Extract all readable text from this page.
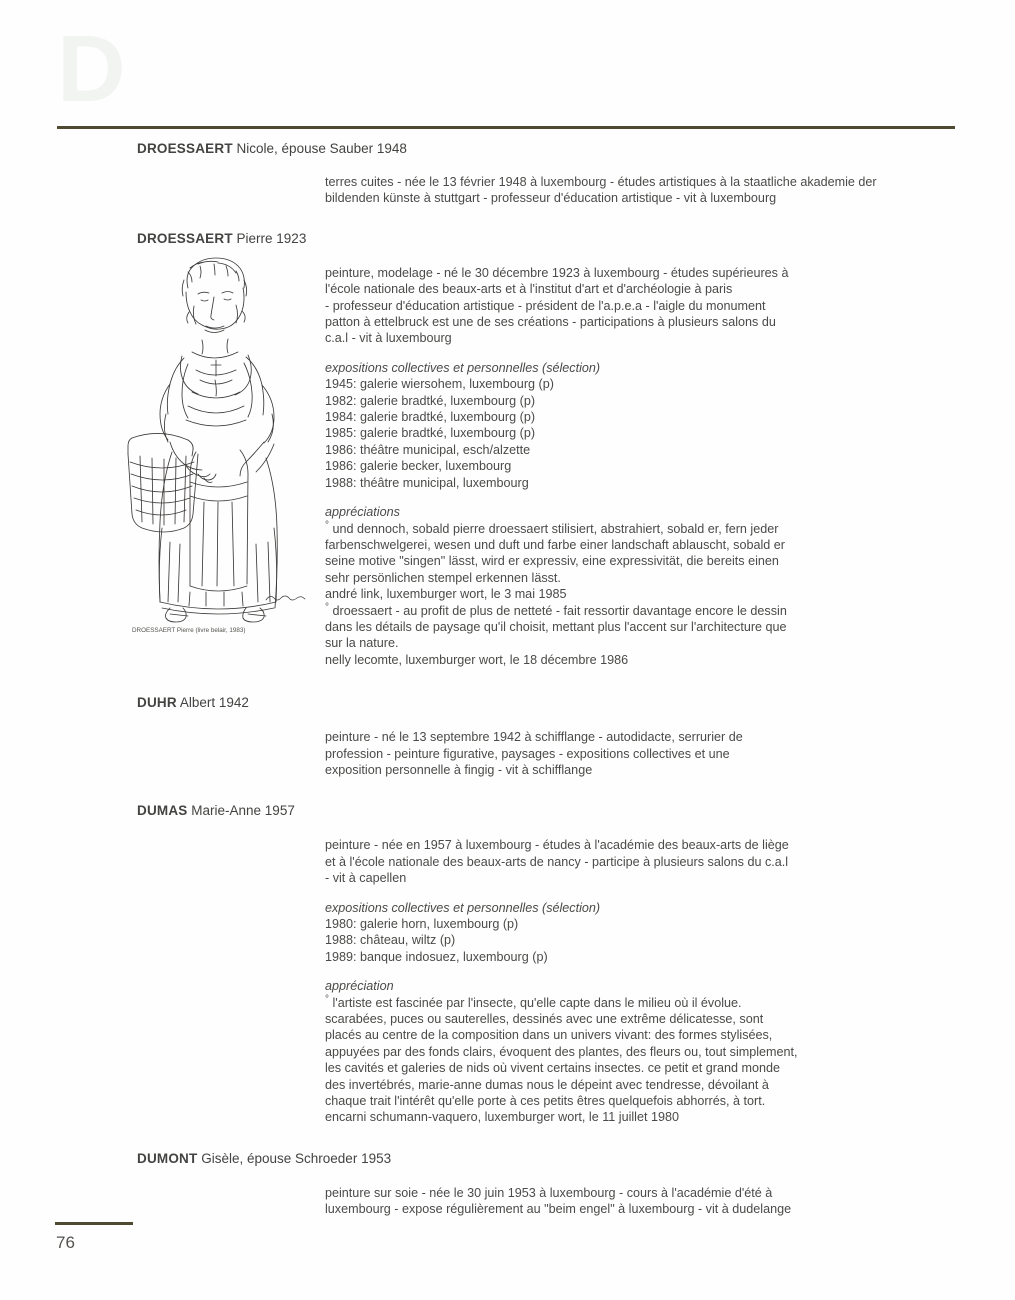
D
DROESSAERT Nicole, épouse Sauber 1948

terres cuites - née le 13 février 1948 à luxembourg - études artistiques à la staatliche akademie der bildenden künste à stuttgart - professeur d'éducation artistique - vit à luxembourg

DROESSAERT Pierre 1923
DROESSAERT Pierre (livre belair, 1983)
peinture, modelage - né le 30 décembre 1923 à luxembourg - études supérieures à
l'école nationale des beaux-arts et à l'institut d'art et d'archéologie à paris
- professeur d'éducation artistique - président de l'a.p.e.a - l'aigle du monument
patton à ettelbruck est une de ses créations - participations à plusieurs salons du
c.a.l - vit à luxembourg
expositions collectives et personnelles (sélection)
1945: galerie wiersohem, luxembourg (p)
1982: galerie bradtké, luxembourg (p)
1984: galerie bradtké, luxembourg (p)
1985: galerie bradtké, luxembourg (p)
1986: théâtre municipal, esch/alzette
1986: galerie becker, luxembourg
1988: théâtre municipal, luxembourg
appréciations
° und dennoch, sobald pierre droessaert stilisiert, abstrahiert, sobald er, fern jeder
farbenschwelgerei, wesen und duft und farbe einer landschaft ablauscht, sobald er
seine motive "singen" lässt, wird er expressiv, eine expressivität, die bereits einen
sehr persönlichen stempel erkennen lässt.
andré link, luxemburger wort, le 3 mai 1985
° droessaert - au profit de plus de netteté - fait ressortir davantage encore le dessin
dans les détails de paysage qu'il choisit, mettant plus l'accent sur l'architecture que
sur la nature.
nelly lecomte, luxemburger wort, le 18 décembre 1986
DUHR Albert 1942
peinture - né le 13 septembre 1942 à schifflange - autodidacte, serrurier de
profession - peinture figurative, paysages - expositions collectives et une
exposition personnelle à fingig - vit à schifflange
DUMAS Marie-Anne 1957
peinture - née en 1957 à luxembourg - études à l'académie des beaux-arts de liège
et à l'école nationale des beaux-arts de nancy - participe à plusieurs salons du c.a.l
- vit à capellen
expositions collectives et personnelles (sélection)
1980: galerie horn, luxembourg (p)
1988: château, wiltz (p)
1989: banque indosuez, luxembourg (p)
appréciation
° l'artiste est fascinée par l'insecte, qu'elle capte dans le milieu où il évolue.
scarabées, puces ou sauterelles, dessinés avec une extrême délicatesse, sont
placés au centre de la composition dans un univers vivant: des formes stylisées,
appuyées par des fonds clairs, évoquent des plantes, des fleurs ou, tout simplement,
les cavités et galeries de nids où vivent certains insectes. ce petit et grand monde
des invertébrés, marie-anne dumas nous le dépeint avec tendresse, dévoilant à
chaque trait l'intérêt qu'elle porte à ces petits êtres quelquefois abhorrés, à tort.
encarni schumann-vaquero, luxemburger wort, le 11 juillet 1980
DUMONT Gisèle, épouse Schroeder 1953
peinture sur soie - née le 30 juin 1953 à luxembourg - cours à l'académie d'été à
luxembourg - expose régulièrement au "beim engel" à luxembourg - vit à dudelange
76
